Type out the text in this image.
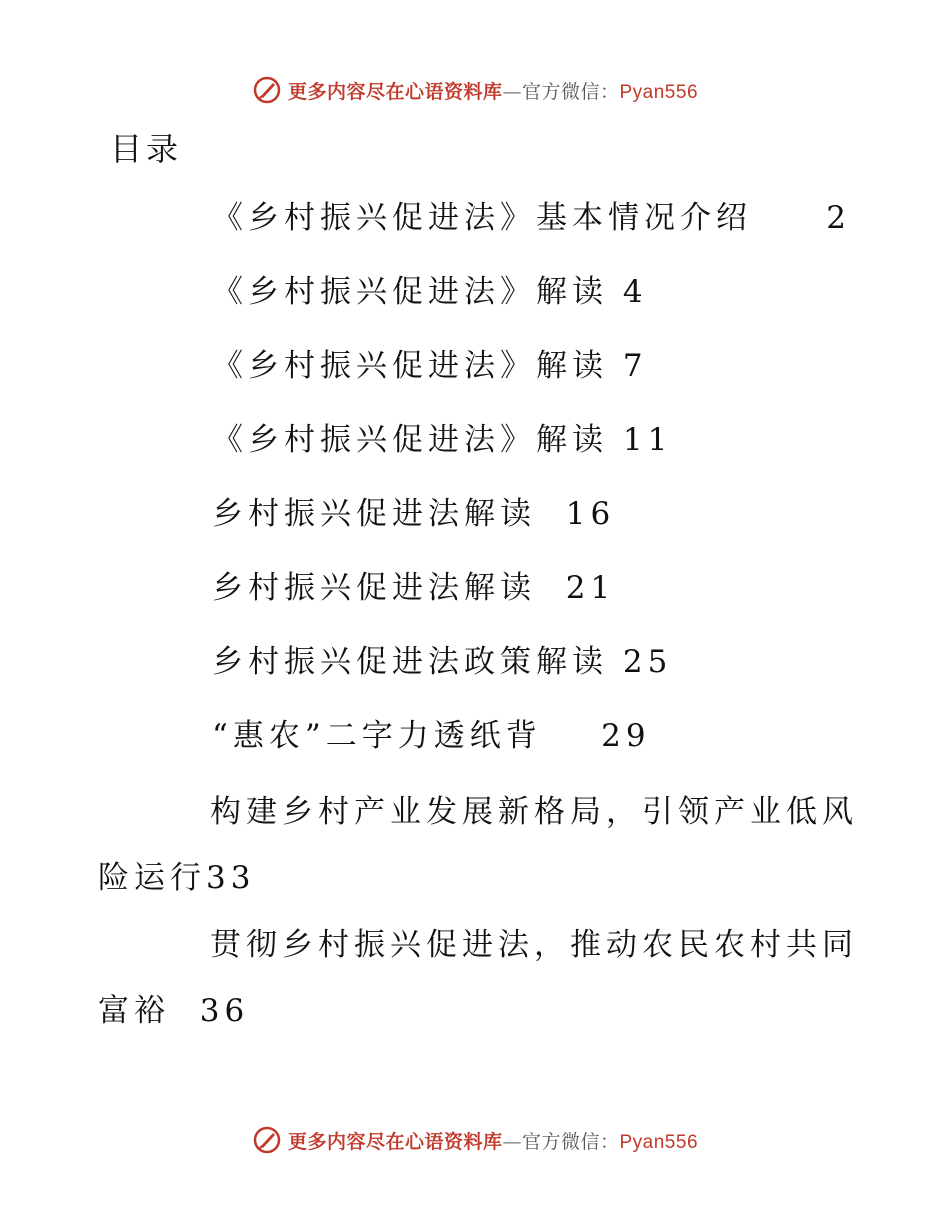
更多内容尽在心语资料库—官方微信：Pyan556
目录
《乡村振兴促进法》基本情况介绍 2
《乡村振兴促进法》解读 4
《乡村振兴促进法》解读 7
《乡村振兴促进法》解读 11
乡村振兴促进法解读 16
乡村振兴促进法解读 21
乡村振兴促进法政策解读 25
“惠农”二字力透纸背 29
构建乡村产业发展新格局，引领产业低风
险运行33
贯彻乡村振兴促进法，推动农民农村共同
富裕 36
更多内容尽在心语资料库—官方微信：Pyan556
